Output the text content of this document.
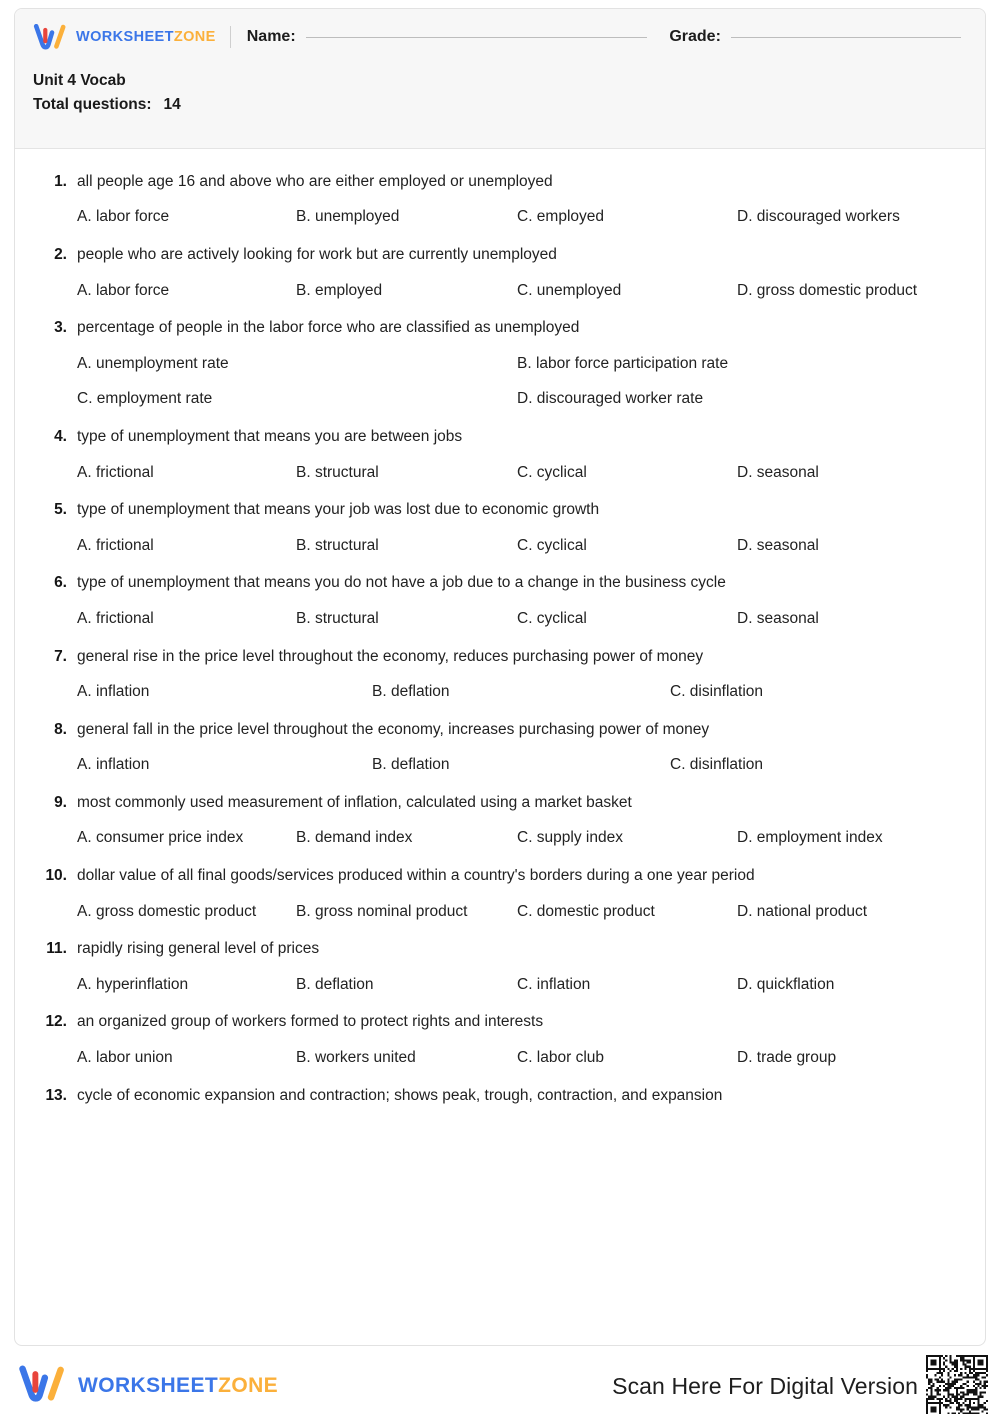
WORKSHEETZONE Name:	Grade:
Unit 4 Vocab
Total questions: 14
1. all people age 16 and above who are either employed or unemployed
A. labor force	B. unemployed	C. employed	D. discouraged workers
2. people who are actively looking for work but are currently unemployed
A. labor force	B. employed	C. unemployed	D. gross domestic product
3. percentage of people in the labor force who are classified as unemployed
A. unemployment rate	B. labor force participation rate
C. employment rate	D. discouraged worker rate
4. type of unemployment that means you are between jobs
A. frictional	B. structural	C. cyclical	D. seasonal
5. type of unemployment that means your job was lost due to economic growth
A. frictional	B. structural	C. cyclical	D. seasonal
6. type of unemployment that means you do not have a job due to a change in the business cycle
A. frictional	B. structural	C. cyclical	D. seasonal
7. general rise in the price level throughout the economy, reduces purchasing power of money
A. inflation	B. deflation	C. disinflation
8. general fall in the price level throughout the economy, increases purchasing power of money
A. inflation	B. deflation	C. disinflation
9. most commonly used measurement of inflation, calculated using a market basket
A. consumer price index	B. demand index	C. supply index	D. employment index
10. dollar value of all final goods/services produced within a country's borders during a one year period
A. gross domestic product	B. gross nominal product	C. domestic product	D. national product
11. rapidly rising general level of prices
A. hyperinflation	B. deflation	C. inflation	D. quickflation
12. an organized group of workers formed to protect rights and interests
A. labor union	B. workers united	C. labor club	D. trade group
13. cycle of economic expansion and contraction; shows peak, trough, contraction, and expansion
WORKSHEETZONE	Scan Here For Digital Version
